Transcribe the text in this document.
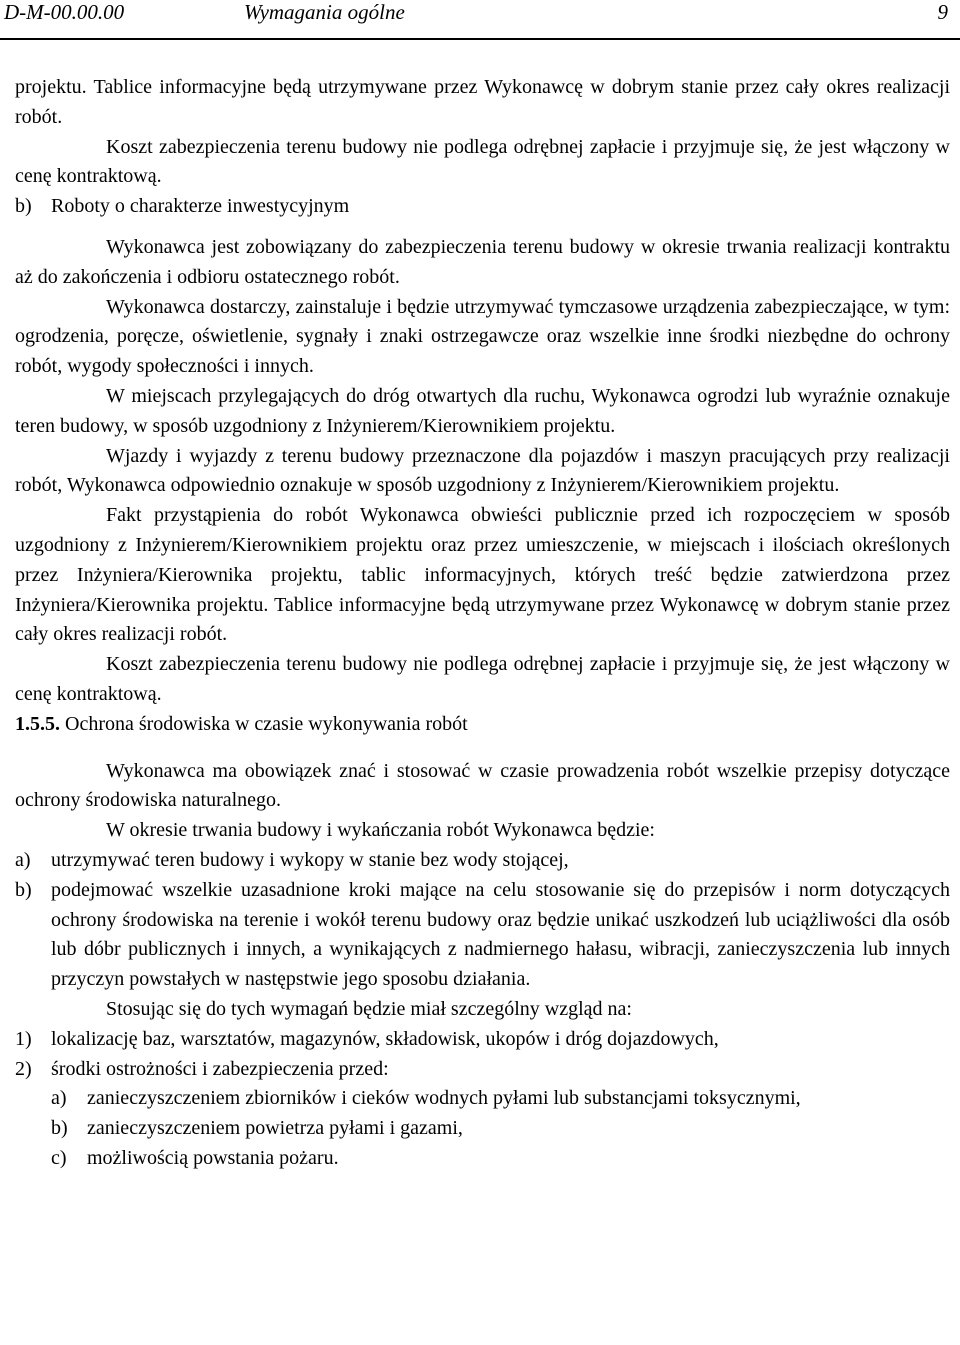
D-M-00.00.00	Wymagania ogólne	9

projektu. Tablice informacyjne będą utrzymywane przez Wykonawcę w dobrym stanie przez cały okres realizacji robót.

Koszt zabezpieczenia terenu budowy nie podlega odrębnej zapłacie i przyjmuje się, że jest włączony w cenę kontraktową.

b) Roboty o charakterze inwestycyjnym

Wykonawca jest zobowiązany do zabezpieczenia terenu budowy w okresie trwania realizacji kontraktu aż do zakończenia i odbioru ostatecznego robót.

Wykonawca dostarczy, zainstaluje i będzie utrzymywać tymczasowe urządzenia zabezpieczające, w tym: ogrodzenia, poręcze, oświetlenie, sygnały i znaki ostrzegawcze oraz wszelkie inne środki niezbędne do ochrony robót, wygody społeczności i innych.

W miejscach przylegających do dróg otwartych dla ruchu, Wykonawca ogrodzi lub wyraźnie oznakuje teren budowy, w sposób uzgodniony z Inżynierem/Kierownikiem projektu.

Wjazdy i wyjazdy z terenu budowy przeznaczone dla pojazdów i maszyn pracujących przy realizacji robót, Wykonawca odpowiednio oznakuje w sposób uzgodniony z Inżynierem/Kierownikiem projektu.

Fakt przystąpienia do robót Wykonawca obwieści publicznie przed ich rozpoczęciem w sposób uzgodniony z Inżynierem/Kierownikiem projektu oraz przez umieszczenie, w miejscach i ilościach określonych przez Inżyniera/Kierownika projektu, tablic informacyjnych, których treść będzie zatwierdzona przez Inżyniera/Kierownika projektu. Tablice informacyjne będą utrzymywane przez Wykonawcę w dobrym stanie przez cały okres realizacji robót.

Koszt zabezpieczenia terenu budowy nie podlega odrębnej zapłacie i przyjmuje się, że jest włączony w cenę kontraktową.

1.5.5. Ochrona środowiska w czasie wykonywania robót

Wykonawca ma obowiązek znać i stosować w czasie prowadzenia robót wszelkie przepisy dotyczące ochrony środowiska naturalnego.

W okresie trwania budowy i wykańczania robót Wykonawca będzie:

a) utrzymywać teren budowy i wykopy w stanie bez wody stojącej,

b) podejmować wszelkie uzasadnione kroki mające na celu stosowanie się do przepisów i norm dotyczących ochrony środowiska na terenie i wokół terenu budowy oraz będzie unikać uszkodzeń lub uciążliwości dla osób lub dóbr publicznych i innych, a wynikających z nadmiernego hałasu, wibracji, zanieczyszczenia lub innych przyczyn powstałych w następstwie jego sposobu działania.

Stosując się do tych wymagań będzie miał szczególny wzgląd na:

1) lokalizację baz, warsztatów, magazynów, składowisk, ukopów i dróg dojazdowych,

2) środki ostrożności i zabezpieczenia przed:

a) zanieczyszczeniem zbiorników i cieków wodnych pyłami lub substancjami toksycznymi,

b) zanieczyszczeniem powietrza pyłami i gazami,

c) możliwością powstania pożaru.
